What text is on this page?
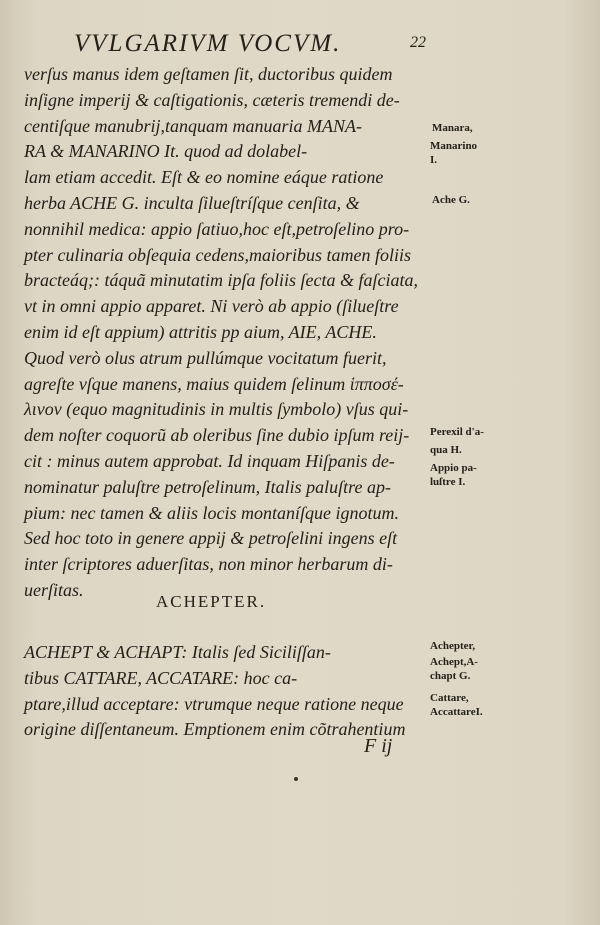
VVLGARIVM VOCVM.	22
verſus manus idem geſtamen ſit, ductoribus quidem
inſigne imperij & caſtigationis, cæteris tremendi de-
centiſque manubrij,tanquam manuaria MANA-
RA & MANARINO It. quod ad dolabel-
lam etiam accedit. Eſt & eo nomine eáque ratione
herba ACHE G. inculta ſilueſtríſque cenſita, &
nonnihil medica: appio ſatiuo,hoc eſt,petroſelino pro-
pter culinaria obſequia cedens,maioribus tamen foliis
bracteáq;: táquã minutatim ipſa foliis ſecta & faſciata,
vt in omni appio apparet. Ni verò ab appio (ſilueſtre
enim id eſt appium) attritis pp aium, AIE, ACHE.
Quod verò olus atrum pullúmque vocitatum fuerit,
agreſte vſque manens, maius quidem ſelinum ἱπποσέ-
λινον (equo magnitudinis in multis ſymbolo) vſus qui-
dem noſter coquorũ ab oleribus ſine dubio ipſum reij-
cit : minus autem approbat. Id inquam Hiſpanis de-
nominatur paluſtre petroſelinum, Italis paluſtre ap-
pium: nec tamen & aliis locis montaníſque ignotum.
Sed hoc toto in genere appij & petroſelini ingens eſt
inter ſcriptores aduerſitas, non minor herbarum di-
uerſitas.
ACHEPTER.
ACHEPT & ACHAPT: Italis ſed Siciliſſan-
tibus CATTARE, ACCATARE: hoc ca-
ptare,illud acceptare: vtrumque neque ratione neque
origine diſſentaneum. Emptionem enim cõtrahentium
F ij
Manara,
Manarino
I.
Ache G.
Perexil d'a-
qua H.
Appio pa-
luſtre I.
Achepter,
Achept,A-
chapt G.
Cattare,
AccattareI.
